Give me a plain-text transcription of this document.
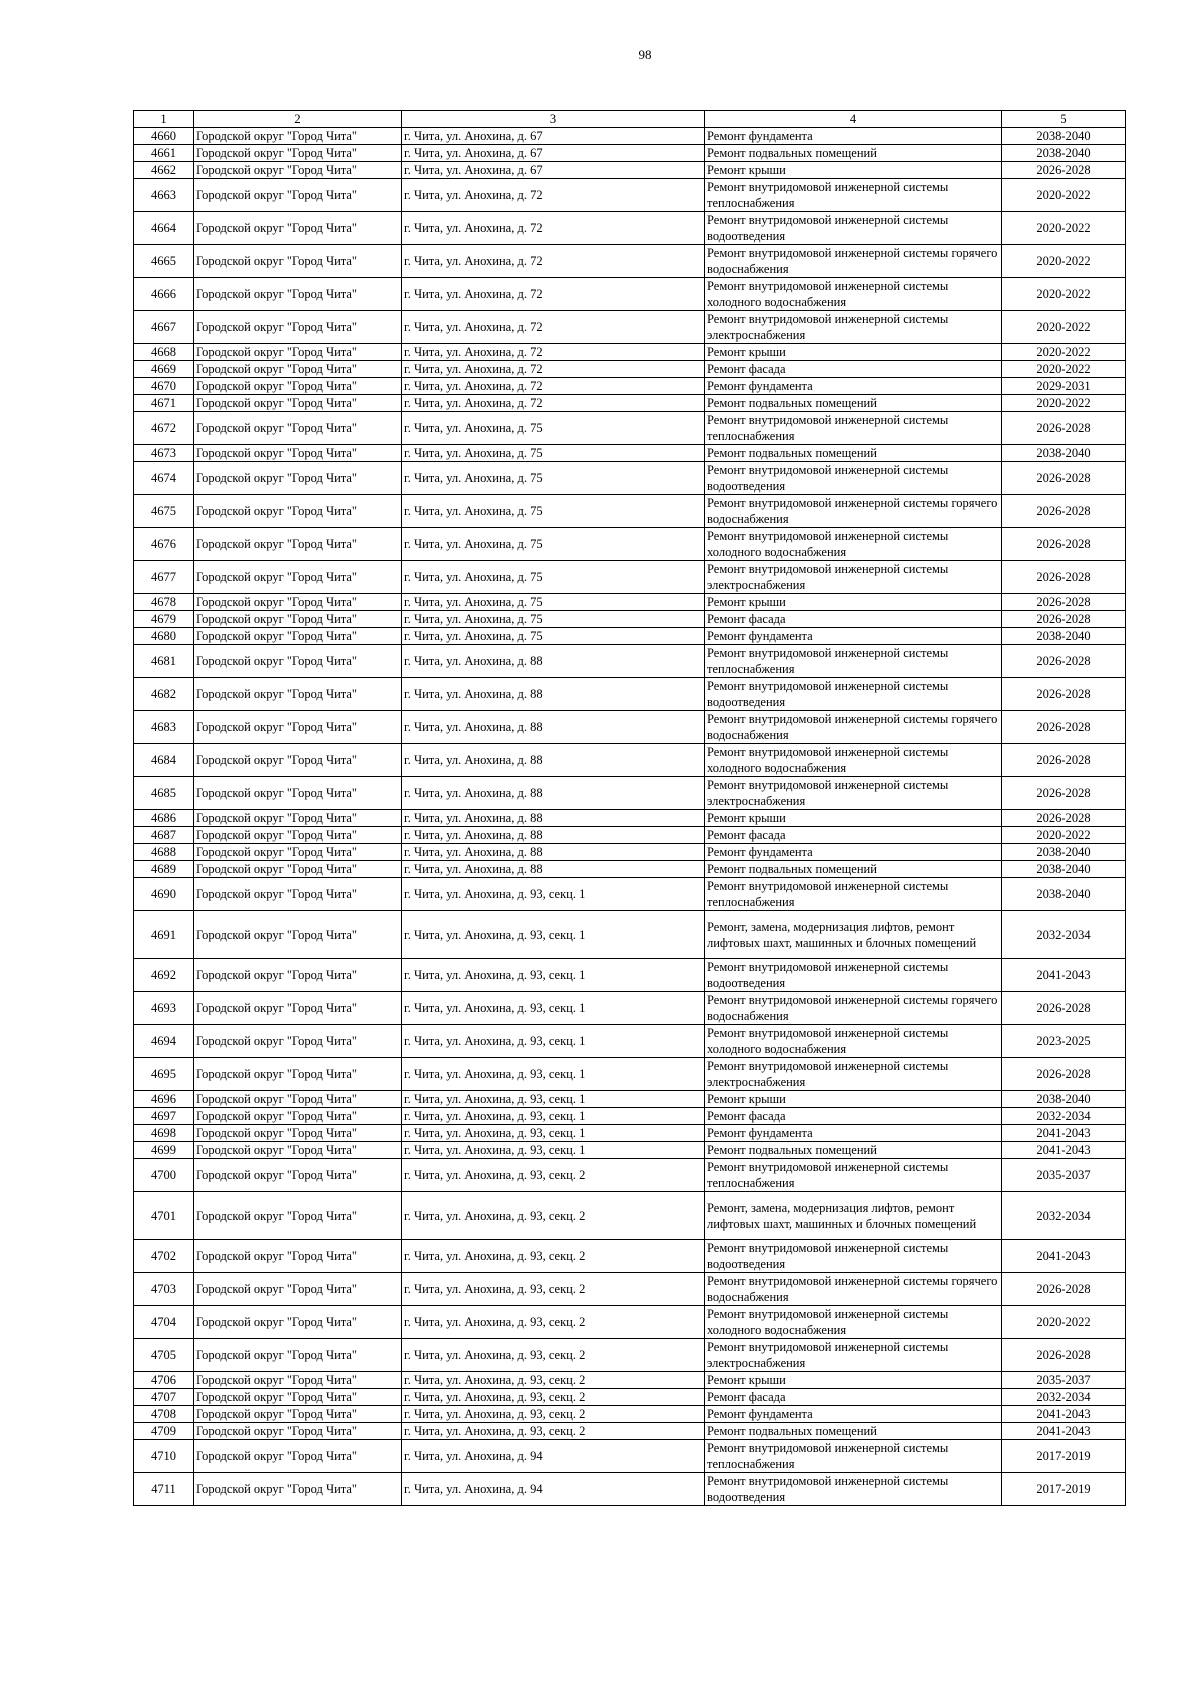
98
1	2	3	4	5
4660	Городской округ "Город Чита"	г. Чита, ул. Анохина, д. 67	Ремонт фундамента	2038-2040
4661	Городской округ "Город Чита"	г. Чита, ул. Анохина, д. 67	Ремонт подвальных помещений	2038-2040
4662	Городской округ "Город Чита"	г. Чита, ул. Анохина, д. 67	Ремонт крыши	2026-2028
4663	Городской округ "Город Чита"	г. Чита, ул. Анохина, д. 72	Ремонт внутридомовой инженерной системы теплоснабжения	2020-2022
4664	Городской округ "Город Чита"	г. Чита, ул. Анохина, д. 72	Ремонт внутридомовой инженерной системы водоотведения	2020-2022
4665	Городской округ "Город Чита"	г. Чита, ул. Анохина, д. 72	Ремонт внутридомовой инженерной системы горячего водоснабжения	2020-2022
4666	Городской округ "Город Чита"	г. Чита, ул. Анохина, д. 72	Ремонт внутридомовой инженерной системы холодного водоснабжения	2020-2022
4667	Городской округ "Город Чита"	г. Чита, ул. Анохина, д. 72	Ремонт внутридомовой инженерной системы электроснабжения	2020-2022
4668	Городской округ "Город Чита"	г. Чита, ул. Анохина, д. 72	Ремонт крыши	2020-2022
4669	Городской округ "Город Чита"	г. Чита, ул. Анохина, д. 72	Ремонт фасада	2020-2022
4670	Городской округ "Город Чита"	г. Чита, ул. Анохина, д. 72	Ремонт фундамента	2029-2031
4671	Городской округ "Город Чита"	г. Чита, ул. Анохина, д. 72	Ремонт подвальных помещений	2020-2022
4672	Городской округ "Город Чита"	г. Чита, ул. Анохина, д. 75	Ремонт внутридомовой инженерной системы теплоснабжения	2026-2028
4673	Городской округ "Город Чита"	г. Чита, ул. Анохина, д. 75	Ремонт подвальных помещений	2038-2040
4674	Городской округ "Город Чита"	г. Чита, ул. Анохина, д. 75	Ремонт внутридомовой инженерной системы водоотведения	2026-2028
4675	Городской округ "Город Чита"	г. Чита, ул. Анохина, д. 75	Ремонт внутридомовой инженерной системы горячего водоснабжения	2026-2028
4676	Городской округ "Город Чита"	г. Чита, ул. Анохина, д. 75	Ремонт внутридомовой инженерной системы холодного водоснабжения	2026-2028
4677	Городской округ "Город Чита"	г. Чита, ул. Анохина, д. 75	Ремонт внутридомовой инженерной системы электроснабжения	2026-2028
4678	Городской округ "Город Чита"	г. Чита, ул. Анохина, д. 75	Ремонт крыши	2026-2028
4679	Городской округ "Город Чита"	г. Чита, ул. Анохина, д. 75	Ремонт фасада	2026-2028
4680	Городской округ "Город Чита"	г. Чита, ул. Анохина, д. 75	Ремонт фундамента	2038-2040
4681	Городской округ "Город Чита"	г. Чита, ул. Анохина, д. 88	Ремонт внутридомовой инженерной системы теплоснабжения	2026-2028
4682	Городской округ "Город Чита"	г. Чита, ул. Анохина, д. 88	Ремонт внутридомовой инженерной системы водоотведения	2026-2028
4683	Городской округ "Город Чита"	г. Чита, ул. Анохина, д. 88	Ремонт внутридомовой инженерной системы горячего водоснабжения	2026-2028
4684	Городской округ "Город Чита"	г. Чита, ул. Анохина, д. 88	Ремонт внутридомовой инженерной системы холодного водоснабжения	2026-2028
4685	Городской округ "Город Чита"	г. Чита, ул. Анохина, д. 88	Ремонт внутридомовой инженерной системы электроснабжения	2026-2028
4686	Городской округ "Город Чита"	г. Чита, ул. Анохина, д. 88	Ремонт крыши	2026-2028
4687	Городской округ "Город Чита"	г. Чита, ул. Анохина, д. 88	Ремонт фасада	2020-2022
4688	Городской округ "Город Чита"	г. Чита, ул. Анохина, д. 88	Ремонт фундамента	2038-2040
4689	Городской округ "Город Чита"	г. Чита, ул. Анохина, д. 88	Ремонт подвальных помещений	2038-2040
4690	Городской округ "Город Чита"	г. Чита, ул. Анохина, д. 93, секц. 1	Ремонт внутридомовой инженерной системы теплоснабжения	2038-2040
4691	Городской округ "Город Чита"	г. Чита, ул. Анохина, д. 93, секц. 1	Ремонт, замена, модернизация лифтов, ремонт лифтовых шахт, машинных и блочных помещений	2032-2034
4692	Городской округ "Город Чита"	г. Чита, ул. Анохина, д. 93, секц. 1	Ремонт внутридомовой инженерной системы водоотведения	2041-2043
4693	Городской округ "Город Чита"	г. Чита, ул. Анохина, д. 93, секц. 1	Ремонт внутридомовой инженерной системы горячего водоснабжения	2026-2028
4694	Городской округ "Город Чита"	г. Чита, ул. Анохина, д. 93, секц. 1	Ремонт внутридомовой инженерной системы холодного водоснабжения	2023-2025
4695	Городской округ "Город Чита"	г. Чита, ул. Анохина, д. 93, секц. 1	Ремонт внутридомовой инженерной системы электроснабжения	2026-2028
4696	Городской округ "Город Чита"	г. Чита, ул. Анохина, д. 93, секц. 1	Ремонт крыши	2038-2040
4697	Городской округ "Город Чита"	г. Чита, ул. Анохина, д. 93, секц. 1	Ремонт фасада	2032-2034
4698	Городской округ "Город Чита"	г. Чита, ул. Анохина, д. 93, секц. 1	Ремонт фундамента	2041-2043
4699	Городской округ "Город Чита"	г. Чита, ул. Анохина, д. 93, секц. 1	Ремонт подвальных помещений	2041-2043
4700	Городской округ "Город Чита"	г. Чита, ул. Анохина, д. 93, секц. 2	Ремонт внутридомовой инженерной системы теплоснабжения	2035-2037
4701	Городской округ "Город Чита"	г. Чита, ул. Анохина, д. 93, секц. 2	Ремонт, замена, модернизация лифтов, ремонт лифтовых шахт, машинных и блочных помещений	2032-2034
4702	Городской округ "Город Чита"	г. Чита, ул. Анохина, д. 93, секц. 2	Ремонт внутридомовой инженерной системы водоотведения	2041-2043
4703	Городской округ "Город Чита"	г. Чита, ул. Анохина, д. 93, секц. 2	Ремонт внутридомовой инженерной системы горячего водоснабжения	2026-2028
4704	Городской округ "Город Чита"	г. Чита, ул. Анохина, д. 93, секц. 2	Ремонт внутридомовой инженерной системы холодного водоснабжения	2020-2022
4705	Городской округ "Город Чита"	г. Чита, ул. Анохина, д. 93, секц. 2	Ремонт внутридомовой инженерной системы электроснабжения	2026-2028
4706	Городской округ "Город Чита"	г. Чита, ул. Анохина, д. 93, секц. 2	Ремонт крыши	2035-2037
4707	Городской округ "Город Чита"	г. Чита, ул. Анохина, д. 93, секц. 2	Ремонт фасада	2032-2034
4708	Городской округ "Город Чита"	г. Чита, ул. Анохина, д. 93, секц. 2	Ремонт фундамента	2041-2043
4709	Городской округ "Город Чита"	г. Чита, ул. Анохина, д. 93, секц. 2	Ремонт подвальных помещений	2041-2043
4710	Городской округ "Город Чита"	г. Чита, ул. Анохина, д. 94	Ремонт внутридомовой инженерной системы теплоснабжения	2017-2019
4711	Городской округ "Город Чита"	г. Чита, ул. Анохина, д. 94	Ремонт внутридомовой инженерной системы водоотведения	2017-2019
